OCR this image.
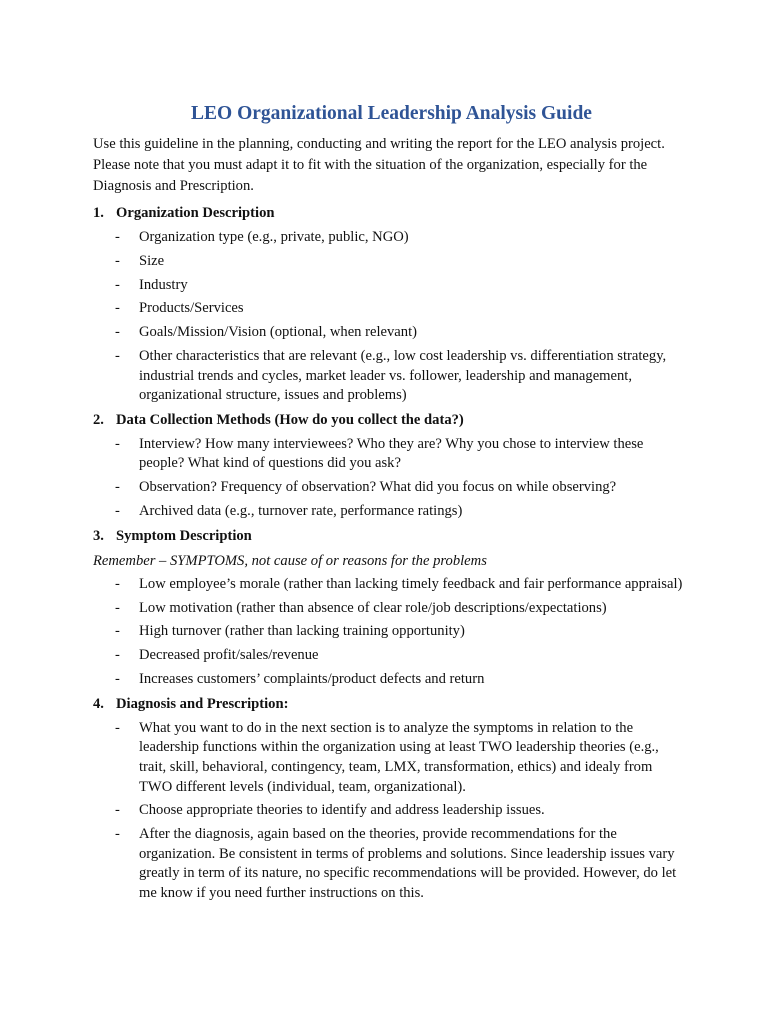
LEO Organizational Leadership Analysis Guide

Use this guideline in the planning, conducting and writing the report for the LEO analysis project. Please note that you must adapt it to fit with the situation of the organization, especially for the Diagnosis and Prescription.

1. Organization Description
-	Organization type (e.g., private, public, NGO)
-	Size
-	Industry
-	Products/Services
-	Goals/Mission/Vision (optional, when relevant)
-	Other characteristics that are relevant (e.g., low cost leadership vs. differentiation strategy, industrial trends and cycles, market leader vs. follower, leadership and management, organizational structure, issues and problems)
2. Data Collection Methods (How do you collect the data?)
-	Interview? How many interviewees? Who they are? Why you chose to interview these people? What kind of questions did you ask?
-	Observation? Frequency of observation? What did you focus on while observing?
-	Archived data (e.g., turnover rate, performance ratings)
3. Symptom Description
Remember – SYMPTOMS, not cause of or reasons for the problems
-	Low employee’s morale (rather than lacking timely feedback and fair performance appraisal)
-	Low motivation (rather than absence of clear role/job descriptions/expectations)
-	High turnover (rather than lacking training opportunity)
-	Decreased profit/sales/revenue
-	Increases customers’ complaints/product defects and return
4. Diagnosis and Prescription:
-	What you want to do in the next section is to analyze the symptoms in relation to the leadership functions within the organization using at least TWO leadership theories (e.g., trait, skill, behavioral, contingency, team, LMX, transformation, ethics) and idealy from TWO different levels (individual, team, organizational).
-	Choose appropriate theories to identify and address leadership issues.
-	After the diagnosis, again based on the theories, provide recommendations for the organization. Be consistent in terms of problems and solutions. Since leadership issues vary greatly in term of its nature, no specific recommendations will be provided. However, do let me know if you need further instructions on this.
